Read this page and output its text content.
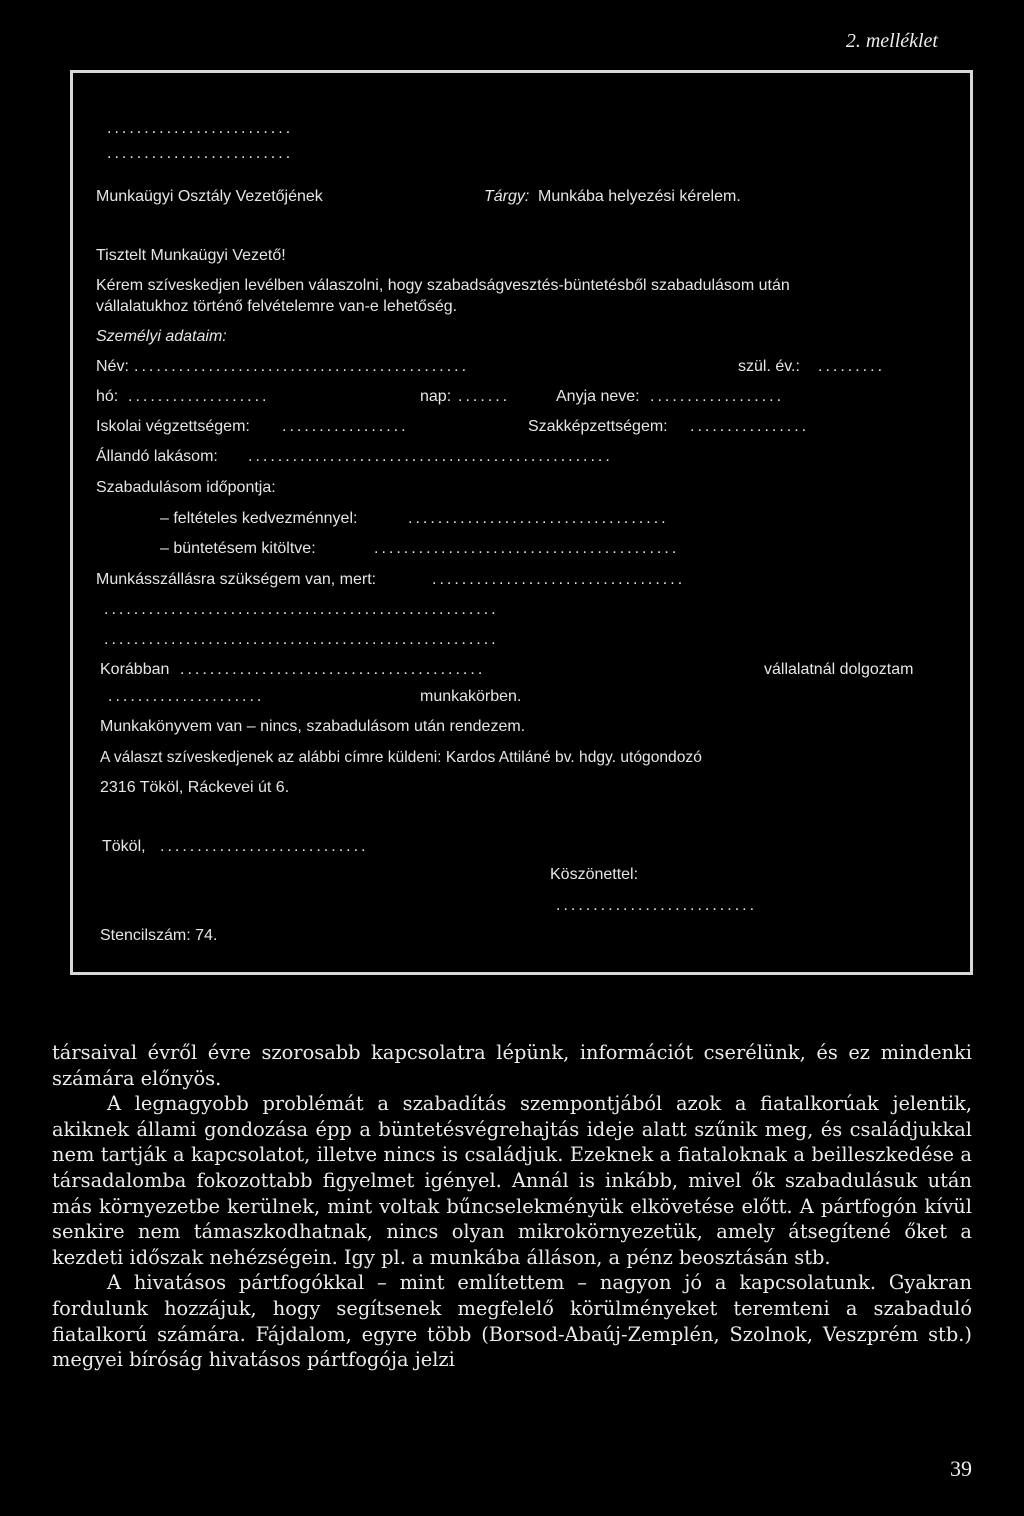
2. melléklet
.........................
.........................
Munkaügyi Osztály Vezetőjének	Tárgy: Munkába helyezési kérelem.
Tisztelt Munkaügyi Vezető!
Kérem szíveskedjen levélben válaszolni, hogy szabadságvesztés-büntetésből szabadulásom után
vállalatukhoz történő felvételemre van-e lehetőség.
Személyi adataim:
Név: .............................................	szül. év.: .........
hó: ...................	nap: .......	Anyja neve: ..................
Iskolai végzettségem: .................	Szakképzettségem: ................
Állandó lakásom: .................................................
Szabadulásom időpontja:
– feltételes kedvezménnyel:	...................................
– büntetésem kitöltve:	.........................................
Munkásszállásra szükségem van, mert:	..................................
.....................................................
.....................................................
Korábban .........................................	vállalatnál dolgoztam
.....................	munkakörben.
Munkakönyvem van – nincs, szabadulásom után rendezem.
A választ szíveskedjenek az alábbi címre küldeni: Kardos Attiláné bv. hdgy. utógondozó
2316 Tököl, Ráckevei út 6.
Tököl, ............................
Köszönettel:
...........................
Stencilszám: 74.

társaival évről évre szorosabb kapcsolatra lépünk, információt cserélünk, és ez mindenki számára előnyös.

A legnagyobb problémát a szabadítás szempontjából azok a fiatalkorúak jelentik, akiknek állami gondozása épp a büntetésvégrehajtás ideje alatt szűnik meg, és családjukkal nem tartják a kapcsolatot, illetve nincs is családjuk. Ezeknek a fiataloknak a beilleszkedése a társadalomba fokozottabb figyelmet igényel. Annál is inkább, mivel ők szabadulásuk után más környezetbe kerülnek, mint voltak bűncselekményük elkövetése előtt. A pártfogón kívül senkire nem támaszkodhatnak, nincs olyan mikrokörnyezetük, amely átsegítené őket a kezdeti időszak nehézségein. Igy pl. a munkába álláson, a pénz beosztásán stb.

A hivatásos pártfogókkal – mint említettem – nagyon jó a kapcsolatunk. Gyakran fordulunk hozzájuk, hogy segítsenek megfelelő körülményeket teremteni a szabaduló fiatalkorú számára. Fájdalom, egyre több (Borsod-Abaúj-Zemplén, Szolnok, Veszprém stb.) megyei bíróság hivatásos pártfogója jelzi

39
